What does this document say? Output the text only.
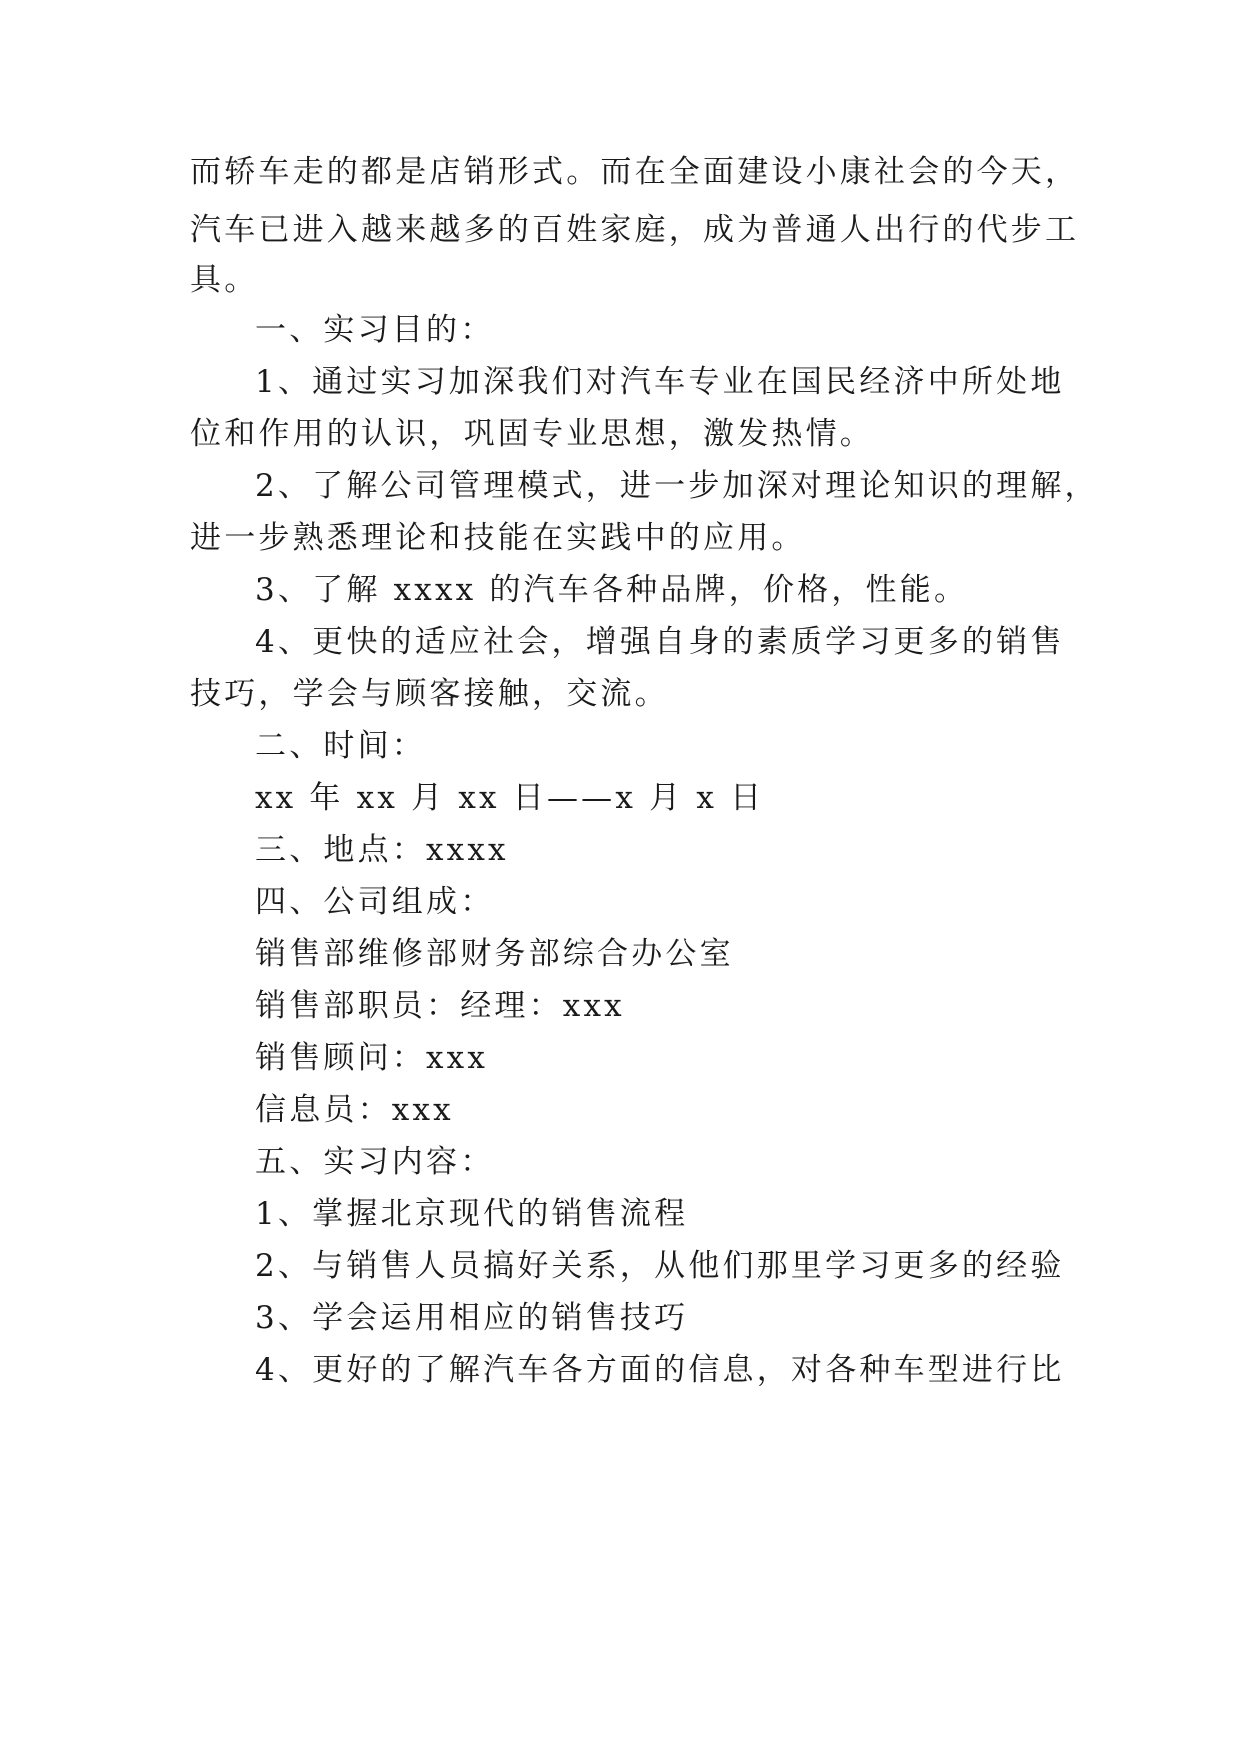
而轿车走的都是店销形式。而在全面建设小康社会的今天，
汽车已进入越来越多的百姓家庭，成为普通人出行的代步工
具。
一、实习目的：
1、通过实习加深我们对汽车专业在国民经济中所处地
位和作用的认识，巩固专业思想，激发热情。
2、了解公司管理模式，进一步加深对理论知识的理解，
进一步熟悉理论和技能在实践中的应用。
3、了解 xxxx 的汽车各种品牌，价格，性能。
4、更快的适应社会，增强自身的素质学习更多的销售
技巧，学会与顾客接触，交流。
二、时间：
xx 年 xx 月 xx 日——x 月 x 日
三、地点：xxxx
四、公司组成：
销售部维修部财务部综合办公室
销售部职员：经理：xxx
销售顾问：xxx
信息员：xxx
五、实习内容：
1、掌握北京现代的销售流程
2、与销售人员搞好关系，从他们那里学习更多的经验
3、学会运用相应的销售技巧
4、更好的了解汽车各方面的信息，对各种车型进行比
